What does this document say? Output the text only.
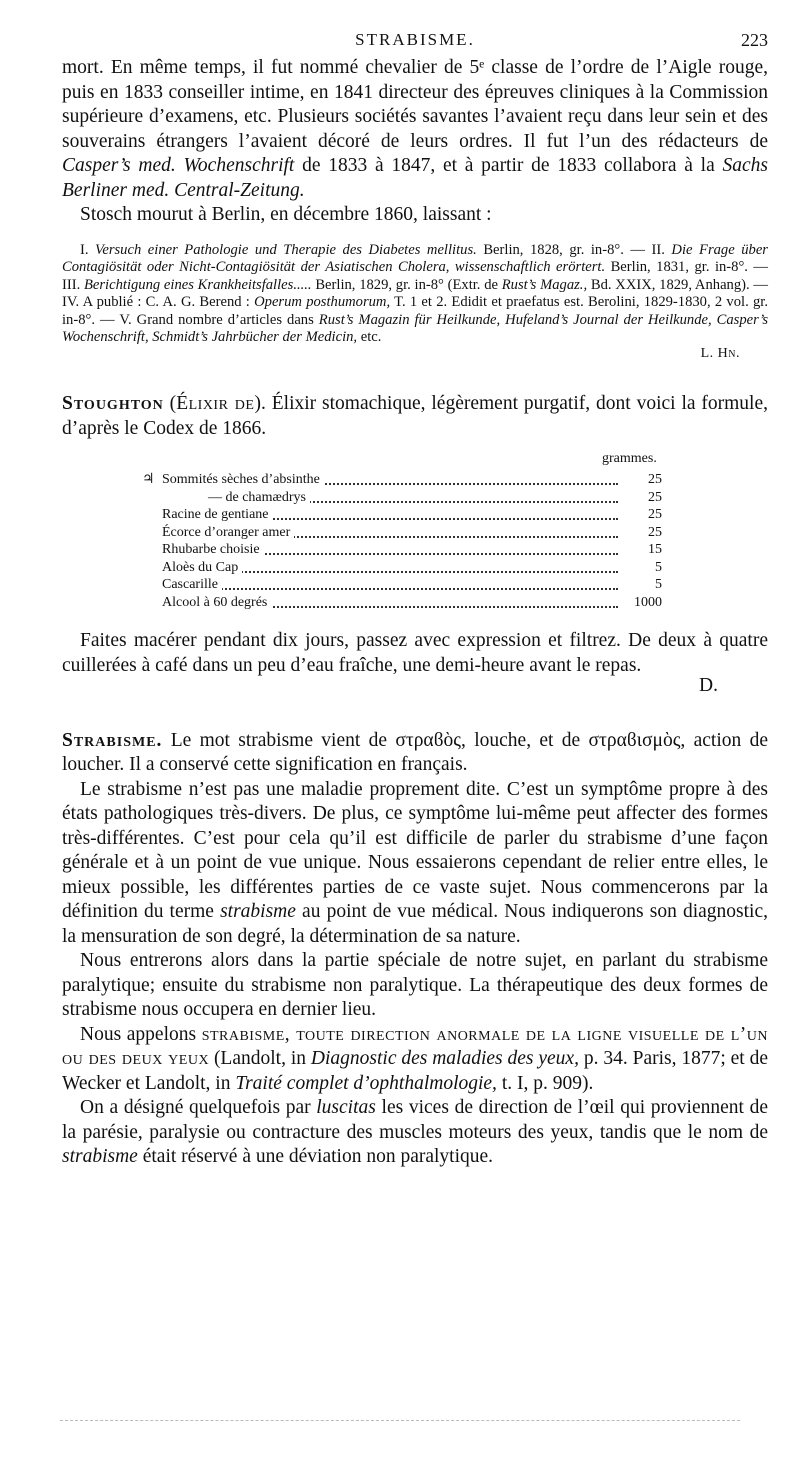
STRABISME.	223

mort. En même temps, il fut nommé chevalier de 5ᵉ classe de l’ordre de l’Aigle rouge, puis en 1833 conseiller intime, en 1841 directeur des épreuves cliniques à la Commission supérieure d’examens, etc. Plusieurs sociétés savantes l’avaient reçu dans leur sein et des souverains étrangers l’avaient décoré de leurs ordres. Il fut l’un des rédacteurs de Casper’s med. Wochenschrift de 1833 à 1847, et à partir de 1833 collabora à la Sachs Berliner med. Central-Zeitung.

Stosch mourut à Berlin, en décembre 1860, laissant :

I. Versuch einer Pathologie und Therapie des Diabetes mellitus. Berlin, 1828, gr. in-8°. — II. Die Frage über Contagiösität oder Nicht-Contagiösität der Asiatischen Cholera, wissenschaftlich erörtert. Berlin, 1831, gr. in-8°. — III. Berichtigung eines Krankheitsfalles..... Berlin, 1829, gr. in-8° (Extr. de Rust’s Magaz., Bd. XXIX, 1829, Anhang). — IV. A publié : C. A. G. Berend : Operum posthumorum, T. 1 et 2. Edidit et praefatus est. Berolini, 1829-1830, 2 vol. gr. in-8°. — V. Grand nombre d’articles dans Rust’s Magazin für Heilkunde, Hufeland’s Journal der Heilkunde, Casper’s Wochenschrift, Schmidt’s Jahrbücher der Medicin, etc.

L. Hn.

Stoughton (Élixir de). Élixir stomachique, légèrement purgatif, dont voici la formule, d’après le Codex de 1866.

grammes.
♃ Sommités sèches d’absinthe	25
— de chamædrys	25
Racine de gentiane	25
Écorce d’oranger amer	25
Rhubarbe choisie	15
Aloès du Cap	5
Cascarille	5
Alcool à 60 degrés	1000

Faites macérer pendant dix jours, passez avec expression et filtrez. De deux à quatre cuillerées à café dans un peu d’eau fraîche, une demi-heure avant le repas.

D.

Strabisme. Le mot strabisme vient de στραϐὸς, louche, et de στραϐισμὸς, action de loucher. Il a conservé cette signification en français.

Le strabisme n’est pas une maladie proprement dite. C’est un symptôme propre à des états pathologiques très-divers. De plus, ce symptôme lui-même peut affecter des formes très-différentes. C’est pour cela qu’il est difficile de parler du strabisme d’une façon générale et à un point de vue unique. Nous essaierons cependant de relier entre elles, le mieux possible, les différentes parties de ce vaste sujet. Nous commencerons par la définition du terme strabisme au point de vue médical. Nous indiquerons son diagnostic, la mensuration de son degré, la détermination de sa nature.

Nous entrerons alors dans la partie spéciale de notre sujet, en parlant du strabisme paralytique; ensuite du strabisme non paralytique. La thérapeutique des deux formes de strabisme nous occupera en dernier lieu.

Nous appelons strabisme, toute direction anormale de la ligne visuelle de l’un ou des deux yeux (Landolt, in Diagnostic des maladies des yeux, p. 34. Paris, 1877; et de Wecker et Landolt, in Traité complet d’ophthalmologie, t. I, p. 909).

On a désigné quelquefois par luscitas les vices de direction de l’œil qui proviennent de la parésie, paralysie ou contracture des muscles moteurs des yeux, tandis que le nom de strabisme était réservé à une déviation non paralytique.
